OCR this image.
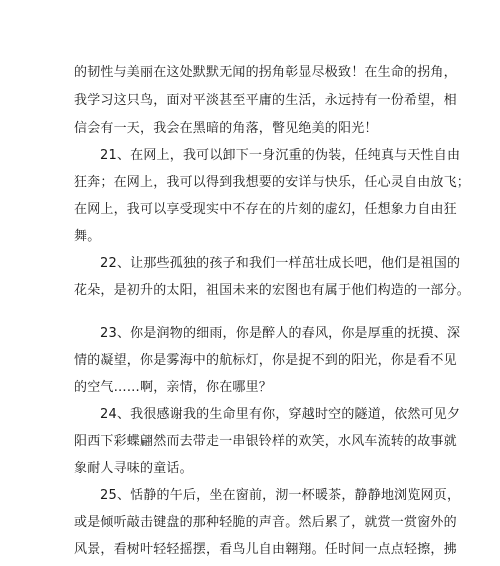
的韧性与美丽在这处默默无闻的拐角彰显尽极致！在生命的拐角，
我学习这只鸟，面对平淡甚至平庸的生活，永远持有一份希望，相
信会有一天，我会在黑暗的角落，瞥见绝美的阳光！
21、在网上，我可以卸下一身沉重的伪装，任纯真与天性自由
狂奔；在网上，我可以得到我想要的安详与快乐，任心灵自由放飞；
在网上，我可以享受现实中不存在的片刻的虚幻，任想象力自由狂
舞。
22、让那些孤独的孩子和我们一样茁壮成长吧，他们是祖国的
花朵，是初升的太阳，祖国未来的宏图也有属于他们构造的一部分。
23、你是润物的细雨，你是醉人的春风，你是厚重的抚摸、深
情的凝望，你是雾海中的航标灯，你是捉不到的阳光，你是看不见
的空气……啊，亲情，你在哪里？
24、我很感谢我的生命里有你，穿越时空的隧道，依然可见夕
阳西下彩蝶翩然而去带走一串银铃样的欢笑，水风车流转的故事就
象耐人寻味的童话。
25、恬静的午后，坐在窗前，沏一杯暖茶，静静地浏览网页，
或是倾听敲击键盘的那种轻脆的声音。然后累了，就赏一赏窗外的
风景，看树叶轻轻摇摆，看鸟儿自由翱翔。任时间一点点轻擦，拂
